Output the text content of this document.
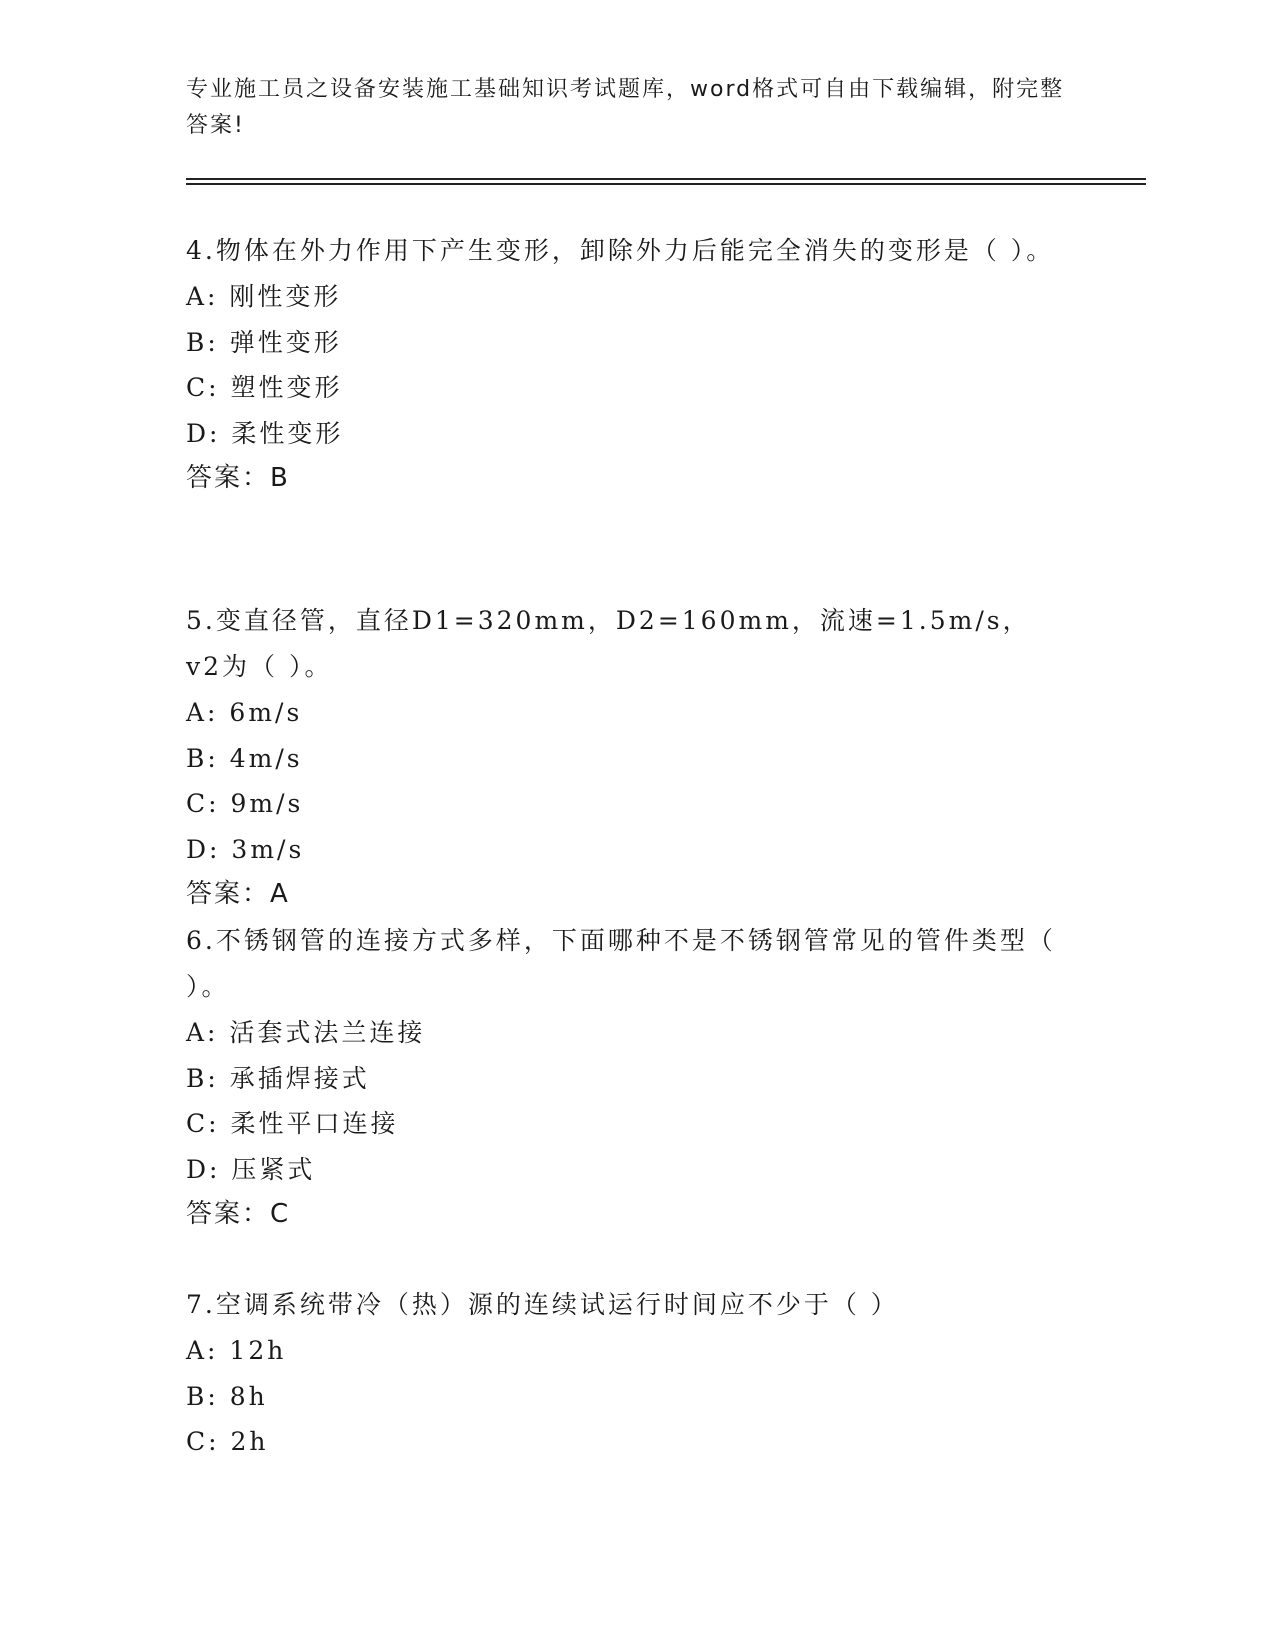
专业施工员之设备安装施工基础知识考试题库，word格式可自由下载编辑，附完整答案!

4.物体在外力作用下产生变形，卸除外力后能完全消失的变形是（ ）。

A: 刚性变形

B: 弹性变形

C: 塑性变形

D: 柔性变形

答案：B

5.变直径管，直径D1=320mm，D2=160mm，流速=1.5m/s，v2为（ ）。

A: 6m/s

B: 4m/s

C: 9m/s

D: 3m/s

答案：A

6.不锈钢管的连接方式多样，下面哪种不是不锈钢管常见的管件类型（ ）。

A: 活套式法兰连接

B: 承插焊接式

C: 柔性平口连接

D: 压紧式

答案：C

7.空调系统带冷（热）源的连续试运行时间应不少于（ ）

A: 12h

B: 8h

C: 2h
